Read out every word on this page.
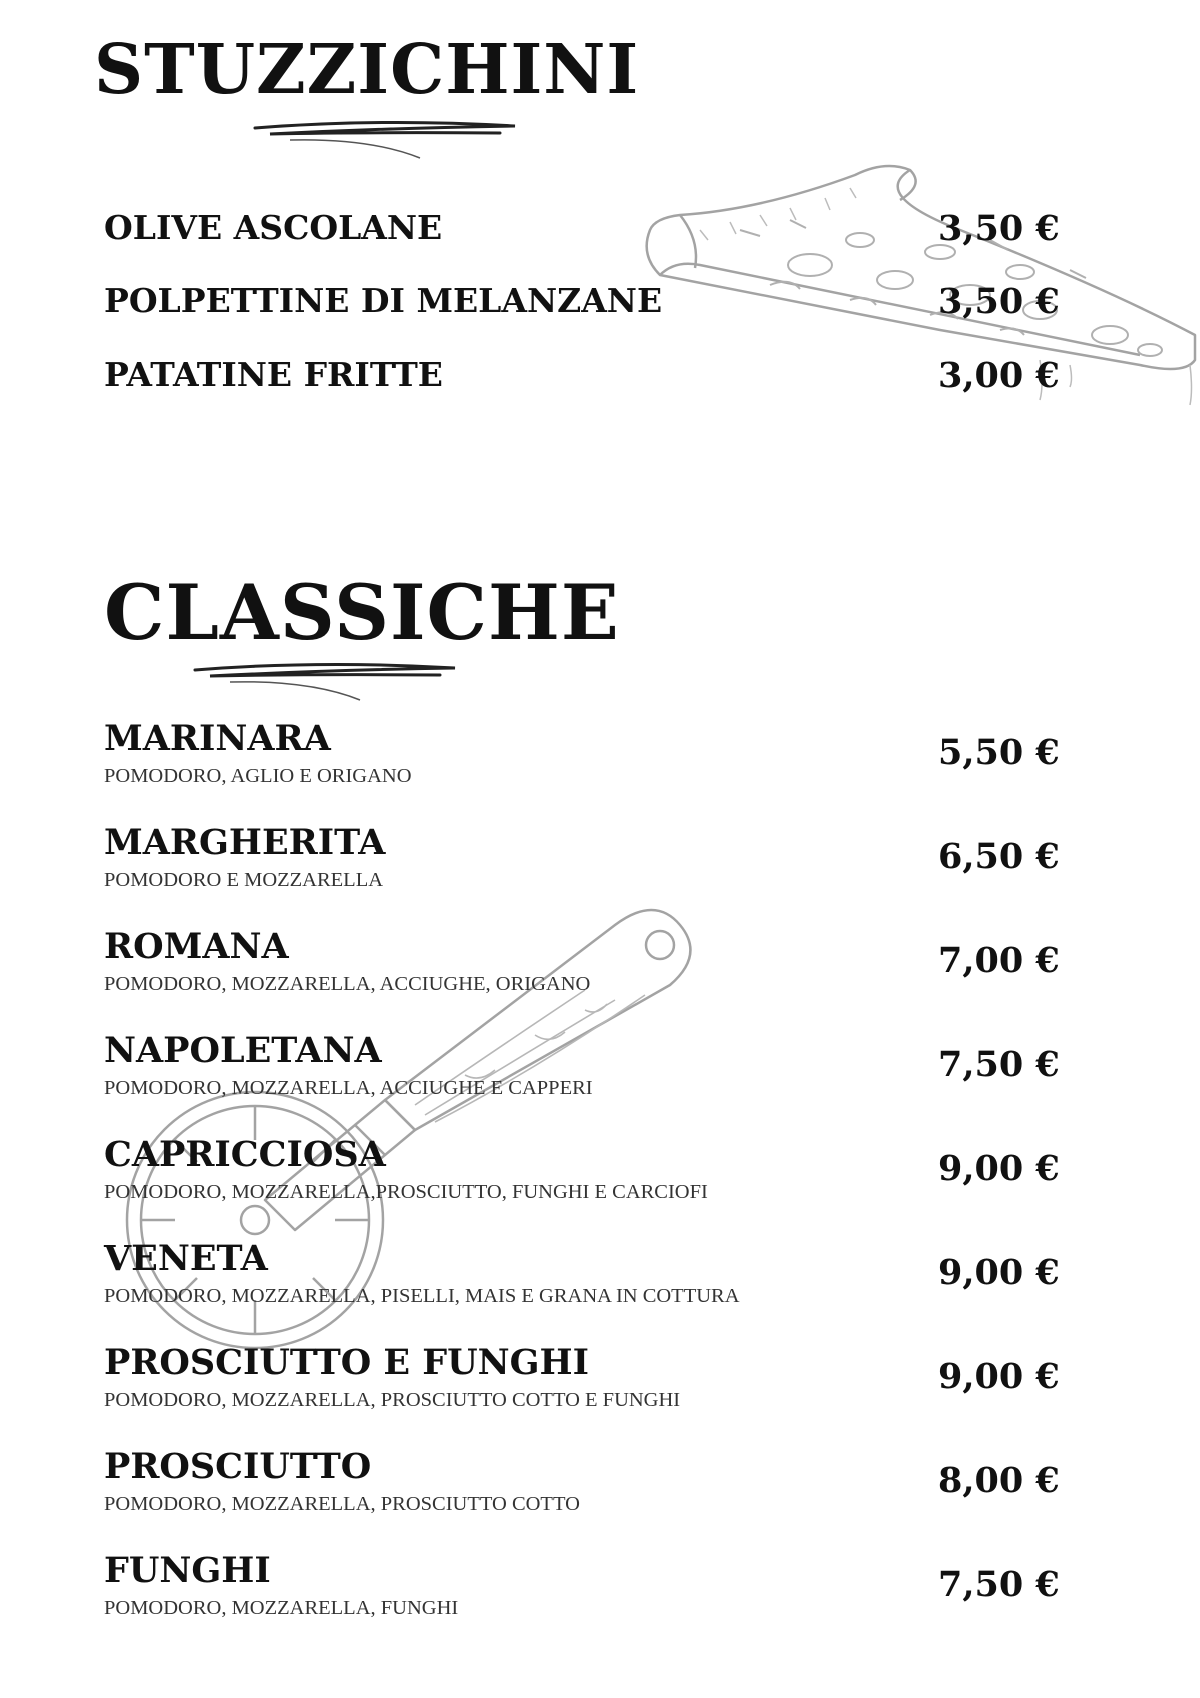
STUZZICHINI
OLIVE ASCOLANE	3,50 €
POLPETTINE DI MELANZANE	3,50 €
PATATINE FRITTE	3,00 €
CLASSICHE
MARINARA
POMODORO, AGLIO E ORIGANO
5,50 €
MARGHERITA
POMODORO E MOZZARELLA
6,50 €
ROMANA
POMODORO, MOZZARELLA, ACCIUGHE, ORIGANO
7,00 €
NAPOLETANA
POMODORO, MOZZARELLA, ACCIUGHE E CAPPERI
7,50 €
CAPRICCIOSA
POMODORO, MOZZARELLA,PROSCIUTTO, FUNGHI E CARCIOFI
9,00 €
VENETA
POMODORO, MOZZARELLA, PISELLI, MAIS E GRANA IN COTTURA
9,00 €
PROSCIUTTO E FUNGHI
POMODORO, MOZZARELLA, PROSCIUTTO COTTO E FUNGHI
9,00 €
PROSCIUTTO
POMODORO, MOZZARELLA, PROSCIUTTO COTTO
8,00 €
FUNGHI
POMODORO, MOZZARELLA, FUNGHI
7,50 €
